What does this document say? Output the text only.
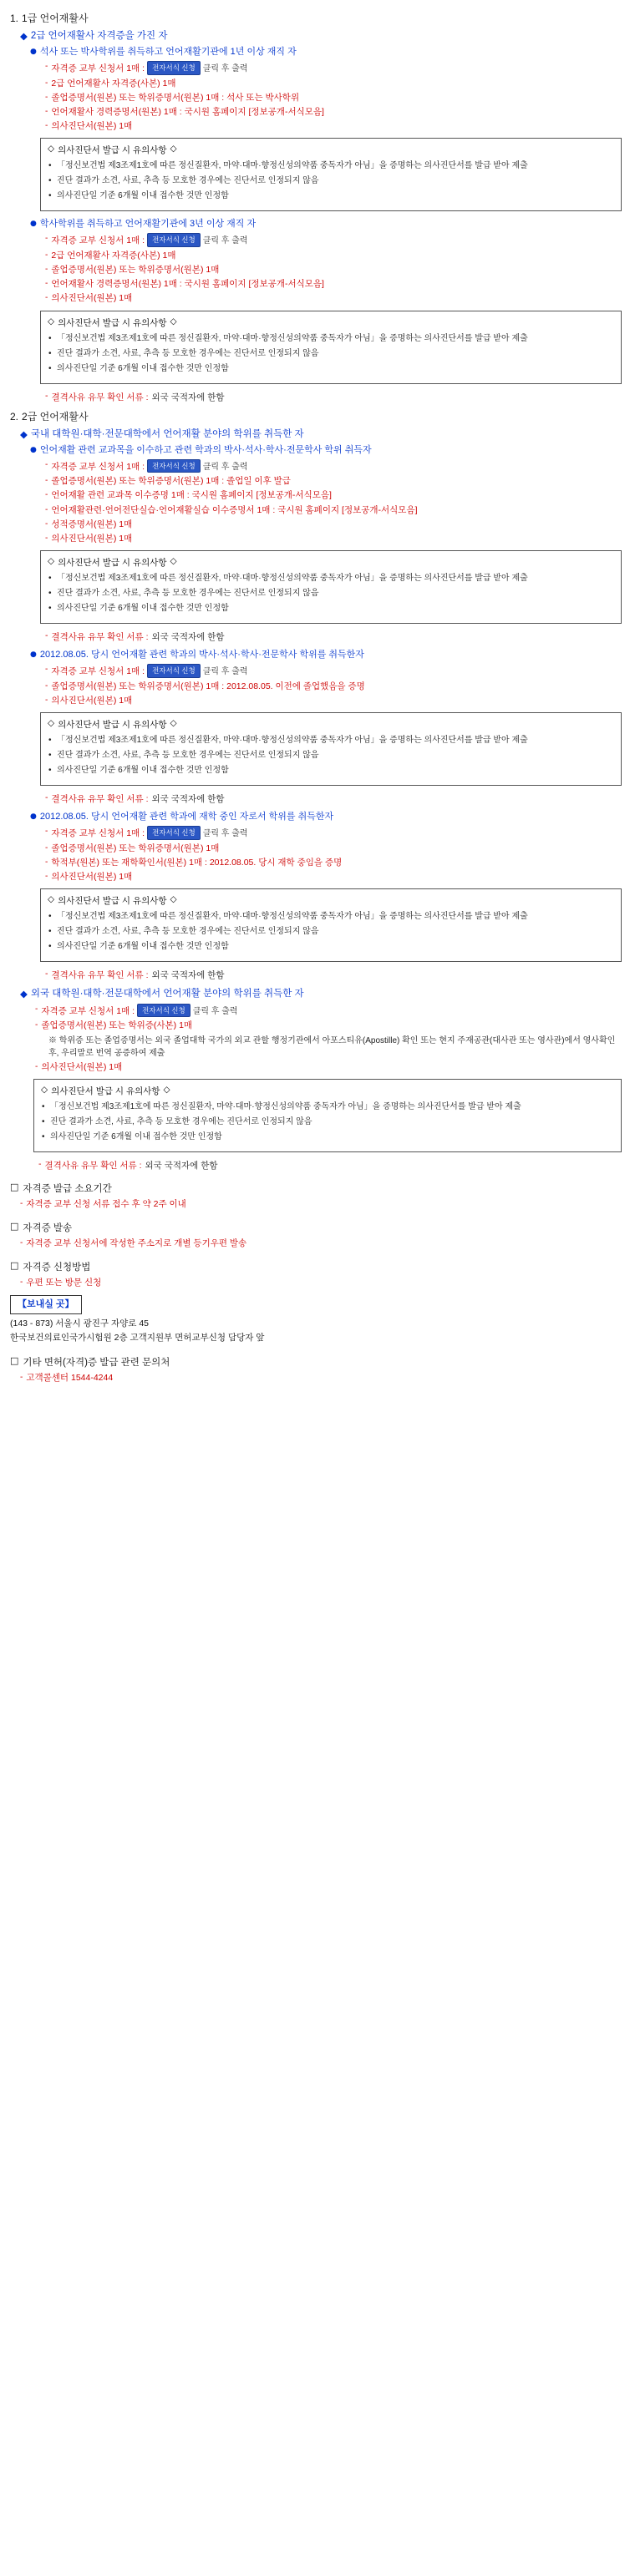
1. 1급 언어재활사
◆ 2급 언어재활사 자격증을 가진 자
● 석사 또는 박사학위를 취득하고 언어재활기관에 1년 이상 재직 자
- 자격증 교부 신청서 1매 : 전자서식 신청 클릭 후 출력
- 2급 언어재활사 자격증(사본) 1매
- 졸업증명서(원본) 또는 학위증명서(원본) 1매 : 석사 또는 박사학위
- 언어재활사 경력증명서(원본) 1매 : 국시원 홈페이지 [정보공개-서식모음]
- 의사진단서(원본) 1매
◇ 의사진단서 발급 시 유의사항 ◇
• 「정신보건법 제3조제1호에 따른 정신질환자, 마약·대마·향정신성의약품 중독자가 아님」을 증명하는 의사진단서를 발급 받아 제출
• 진단 결과가 소견, 사료, 추측 등 모호한 경우에는 진단서로 인정되지 않음
• 의사진단일 기준 6개월 이내 접수한 것만 인정함
● 학사학위를 취득하고 언어재활기관에 3년 이상 재직 자
- 자격증 교부 신청서 1매 : 전자서식 신청 클릭 후 출력
- 2급 언어재활사 자격증(사본) 1매
- 졸업증명서(원본) 또는 학위증명서(원본) 1매
- 언어재활사 경력증명서(원본) 1매 : 국시원 홈페이지 [정보공개-서식모음]
- 의사진단서(원본) 1매
◇ 의사진단서 발급 시 유의사항 ◇
• 「정신보건법 제3조제1호에 따른 정신질환자, 마약·대마·향정신성의약품 중독자가 아님」을 증명하는 의사진단서를 발급 받아 제출
• 진단 결과가 소견, 사료, 추측 등 모호한 경우에는 진단서로 인정되지 않음
• 의사진단일 기준 6개월 이내 접수한 것만 인정함
- 결격사유 유무 확인 서류 : 외국 국적자에 한함
2. 2급 언어재활사
◆ 국내 대학원·대학·전문대학에서 언어재활 분야의 학위를 취득한 자
● 언어재활 관련 교과목을 이수하고 관련 학과의 박사·석사·학사·전문학사 학위 취득자
- 자격증 교부 신청서 1매 : 전자서식 신청 클릭 후 출력
- 졸업증명서(원본) 또는 학위증명서(원본) 1매 : 졸업일 이후 발급
- 언어재활 관련 교과목 이수증명 1매 : 국시원 홈페이지 [정보공개-서식모음]
- 언어재활관련·언어전단실습·언어재활실습 이수증명서 1매 : 국시원 홈페이지 [정보공개-서식모음]
- 성적증명서(원본) 1매
- 의사진단서(원본) 1매
◇ 의사진단서 발급 시 유의사항 ◇
• 「정신보건법 제3조제1호에 따른 정신질환자, 마약·대마·향정신성의약품 중독자가 아님」을 증명하는 의사진단서를 발급 받아 제출
• 진단 결과가 소견, 사료, 추측 등 모호한 경우에는 진단서로 인정되지 않음
• 의사진단일 기준 6개월 이내 접수한 것만 인정함
- 결격사유 유무 확인 서류 : 외국 국적자에 한함
● 2012.08.05. 당시 언어재활 관련 학과의 박사·석사·학사·전문학사 학위를 취득한자
- 자격증 교부 신청서 1매 : 전자서식 신청 클릭 후 출력
- 졸업증명서(원본) 또는 학위증명서(원본) 1매 : 2012.08.05. 이전에 졸업했음을 증명
- 의사진단서(원본) 1매
◇ 의사진단서 발급 시 유의사항 ◇
• 「정신보건법 제3조제1호에 따른 정신질환자, 마약·대마·향정신성의약품 중독자가 아님」을 증명하는 의사진단서를 발급 받아 제출
• 진단 결과가 소견, 사료, 추측 등 모호한 경우에는 진단서로 인정되지 않음
• 의사진단일 기준 6개월 이내 접수한 것만 인정함
- 결격사유 유무 확인 서류 : 외국 국적자에 한함
● 2012.08.05. 당시 언어재활 관련 학과에 재학 중인 자로서 학위를 취득한자
- 자격증 교부 신청서 1매 : 전자서식 신청 클릭 후 출력
- 졸업증명서(원본) 또는 학위증명서(원본) 1매
- 학적부(원본) 또는 재학확인서(원본) 1매 : 2012.08.05. 당시 재학 중임을 증명
- 의사진단서(원본) 1매
◇ 의사진단서 발급 시 유의사항 ◇
• 「정신보건법 제3조제1호에 따른 정신질환자, 마약·대마·향정신성의약품 중독자가 아님」을 증명하는 의사진단서를 발급 받아 제출
• 진단 결과가 소견, 사료, 추측 등 모호한 경우에는 진단서로 인정되지 않음
• 의사진단일 기준 6개월 이내 접수한 것만 인정함
- 결격사유 유무 확인 서류 : 외국 국적자에 한함
◆ 외국 대학원·대학·전문대학에서 언어재활 분야의 학위를 취득한 자
- 자격증 교부 신청서 1매 : 전자서식 신청 클릭 후 출력
- 졸업증명서(원본) 또는 학위증(사본) 1매
※ 학위증 또는 졸업증명서는 외국 졸업대학 국가의 외교 관할 행정기관에서 아포스티유(Apostille) 확인 또는 현지 주재공관(대사관 또는 영사관)에서 영사확인 후, 우리말로 번역 공증하여 제출
- 의사진단서(원본) 1매
◇ 의사진단서 발급 시 유의사항 ◇
• 「정신보건법 제3조제1호에 따른 정신질환자, 마약·대마·향정신성의약품 중독자가 아님」을 증명하는 의사진단서를 발급 받아 제출
• 진단 결과가 소견, 사료, 추측 등 모호한 경우에는 진단서로 인정되지 않음
• 의사진단일 기준 6개월 이내 접수한 것만 인정함
- 결격사유 유무 확인 서류 : 외국 국적자에 한함
□ 자격증 발급 소요기간
- 자격증 교부 신청 서류 접수 후 약 2주 이내
□ 자격증 발송
- 자격증 교부 신청서에 작성한 주소지로 개별 등기우편 발송
□ 자격증 신청방법
- 우편 또는 방문 신청
【보내실 곳】
(143 - 873) 서울시 광진구 자양로 45
한국보건의료인국가시험원 2층 고객지원부 면허교부신청 담당자 앞
□ 기타 면허(자격)증 발급 관련 문의처
- 고객콜센터 1544-4244
